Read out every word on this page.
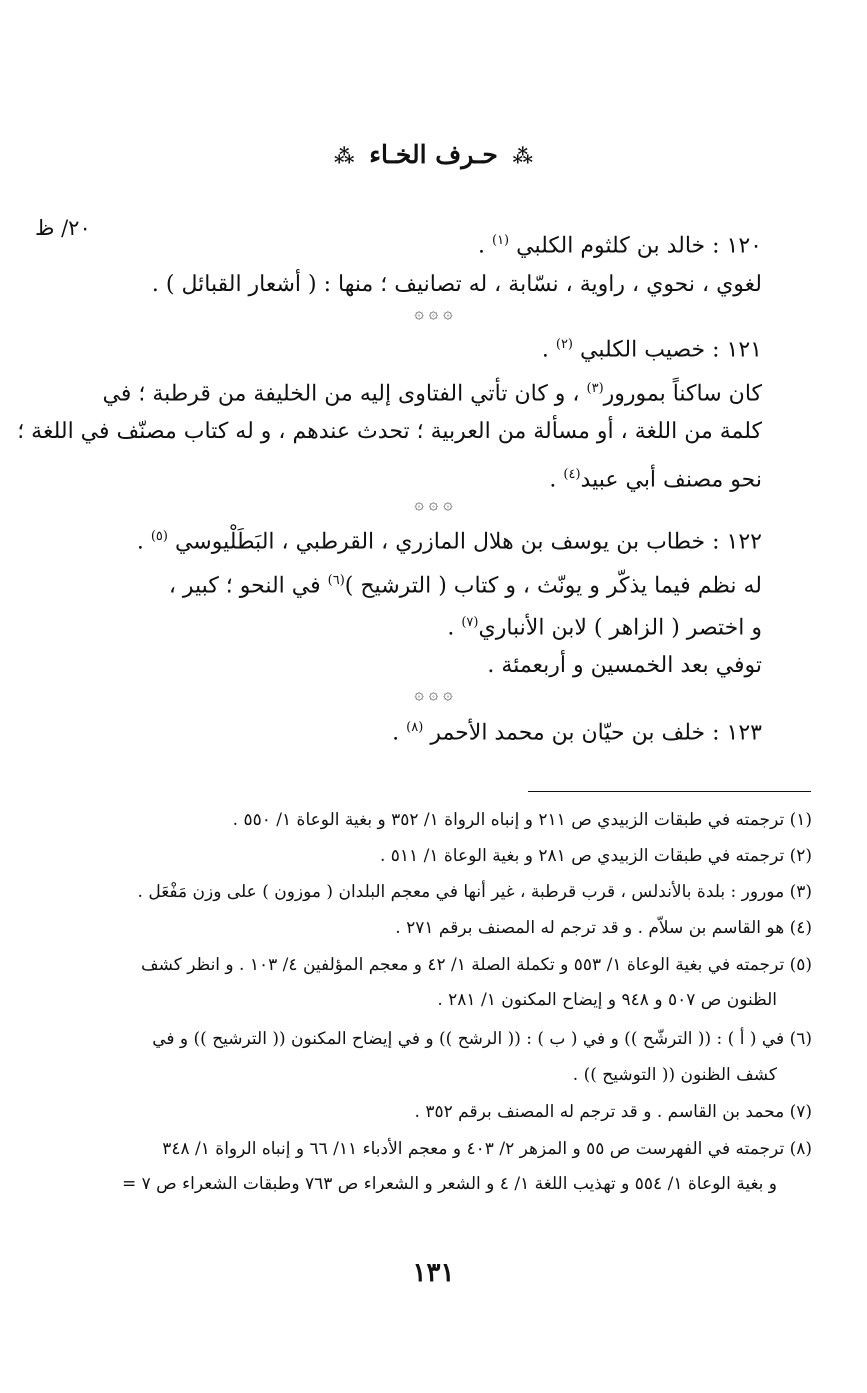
⁂ حـرف الخـاء ⁂
٢٠/ ظ
١٢٠ : خالد بن كلثوم الكلبي $^{(١)}$ .
لغوي ، نحوي ، راوية ، نسّابة ، له تصانيف ؛ منها : ( أشعار القبائل ) .
۞ ۞ ۞
١٢١ : خصيب الكلبي $^{(٢)}$ .
كان ساكناً بمورور$^{(٣)}$ ، و كان تأتي الفتاوى إليه من الخليفة من قرطبة ؛ في
كلمة من اللغة ، أو مسألة من العربية ؛ تحدث عندهم ، و له كتاب مصنّف في اللغة ؛
نحو مصنف أبي عبيد$^{(٤)}$ .
۞ ۞ ۞
١٢٢ : خطاب بن يوسف بن هلال المازري ، القرطبي ، البَطَلْيوسي $^{(٥)}$ .
له نظم فيما يذكّر و يونّث ، و كتاب ( الترشيح )$^{(٦)}$ في النحو ؛ كبير ،
و اختصر ( الزاهر ) لابن الأنباري$^{(٧)}$ .
توفي بعد الخمسين و أربعمئة .
۞ ۞ ۞
١٢٣ : خلف بن حيّان بن محمد الأحمر $^{(٨)}$ .
(١) ترجمته في طبقات الزبيدي ص ٢١١ و إنباه الرواة ١/ ٣٥٢ و بغية الوعاة ١/ ٥٥٠ .
(٢) ترجمته في طبقات الزبيدي ص ٢٨١ و بغية الوعاة ١/ ٥١١ .
(٣) مورور : بلدة بالأندلس ، قرب قرطبة ، غير أنها في معجم البلدان ( موزون ) على وزن مَفْعَل .
(٤) هو القاسم بن سلاّم . و قد ترجم له المصنف برقم ٢٧١ .
(٥) ترجمته في بغية الوعاة ١/ ٥٥٣ و تكملة الصلة ١/ ٤٢ و معجم المؤلفين ٤/ ١٠٣ . و انظر كشف
الظنون ص ٥٠٧ و ٩٤٨ و إيضاح المكنون ١/ ٢٨١ .
(٦) في ( أ ) : (( الترشّح )) و في ( ب ) : (( الرشح )) و في إيضاح المكنون (( الترشيح )) و في
كشف الظنون (( التوشيح )) .
(٧) محمد بن القاسم . و قد ترجم له المصنف برقم ٣٥٢ .
(٨) ترجمته في الفهرست ص ٥٥ و المزهر ٢/ ٤٠٣ و معجم الأدباء ١١/ ٦٦ و إنباه الرواة ١/ ٣٤٨
و بغية الوعاة ١/ ٥٥٤ و تهذيب اللغة ١/ ٤ و الشعر و الشعراء ص ٧٦٣ وطبقات الشعراء ص ٧ =
١٣١
